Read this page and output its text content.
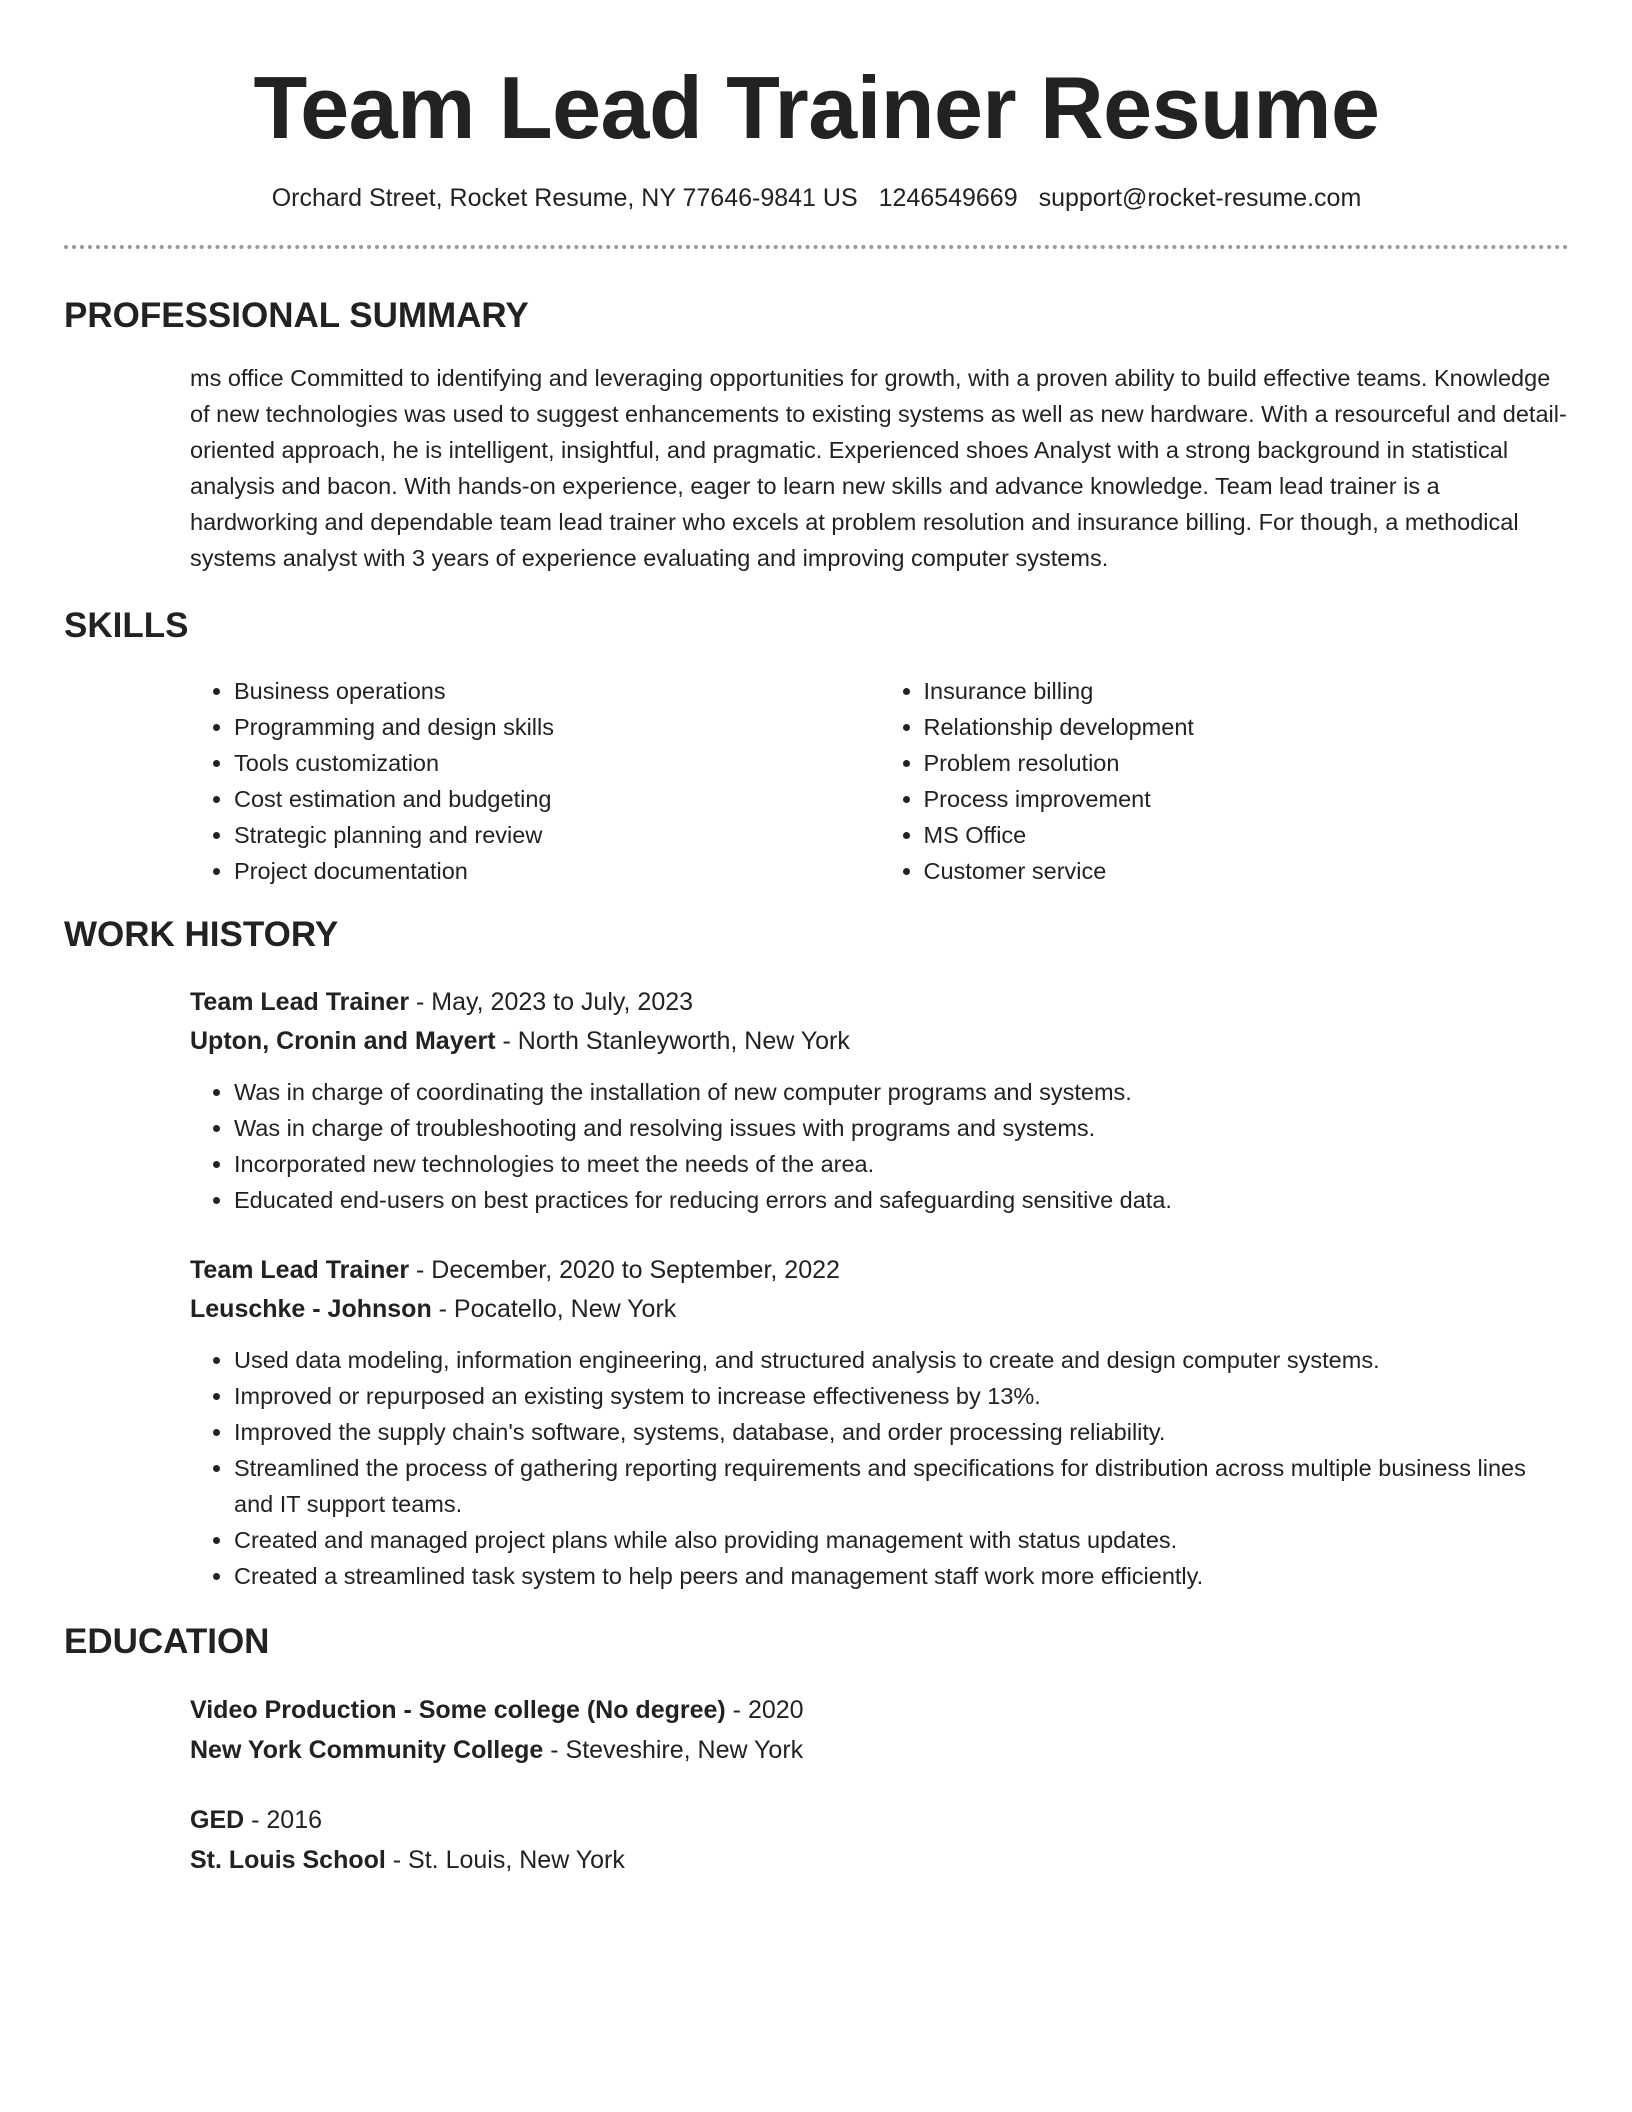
Team Lead Trainer Resume
Orchard Street, Rocket Resume, NY 77646-9841 US 1246549669 support@rocket-resume.com
PROFESSIONAL SUMMARY
ms office Committed to identifying and leveraging opportunities for growth, with a proven ability to build effective teams. Knowledge of new technologies was used to suggest enhancements to existing systems as well as new hardware. With a resourceful and detail-oriented approach, he is intelligent, insightful, and pragmatic. Experienced shoes Analyst with a strong background in statistical analysis and bacon. With hands-on experience, eager to learn new skills and advance knowledge. Team lead trainer is a hardworking and dependable team lead trainer who excels at problem resolution and insurance billing. For though, a methodical systems analyst with 3 years of experience evaluating and improving computer systems.
SKILLS
• Business operations
• Programming and design skills
• Tools customization
• Cost estimation and budgeting
• Strategic planning and review
• Project documentation
• Insurance billing
• Relationship development
• Problem resolution
• Process improvement
• MS Office
• Customer service
WORK HISTORY
Team Lead Trainer - May, 2023 to July, 2023
Upton, Cronin and Mayert - North Stanleyworth, New York
• Was in charge of coordinating the installation of new computer programs and systems.
• Was in charge of troubleshooting and resolving issues with programs and systems.
• Incorporated new technologies to meet the needs of the area.
• Educated end-users on best practices for reducing errors and safeguarding sensitive data.
Team Lead Trainer - December, 2020 to September, 2022
Leuschke - Johnson - Pocatello, New York
• Used data modeling, information engineering, and structured analysis to create and design computer systems.
• Improved or repurposed an existing system to increase effectiveness by 13%.
• Improved the supply chain's software, systems, database, and order processing reliability.
• Streamlined the process of gathering reporting requirements and specifications for distribution across multiple business lines and IT support teams.
• Created and managed project plans while also providing management with status updates.
• Created a streamlined task system to help peers and management staff work more efficiently.
EDUCATION
Video Production - Some college (No degree) - 2020
New York Community College - Steveshire, New York
GED - 2016
St. Louis School - St. Louis, New York
